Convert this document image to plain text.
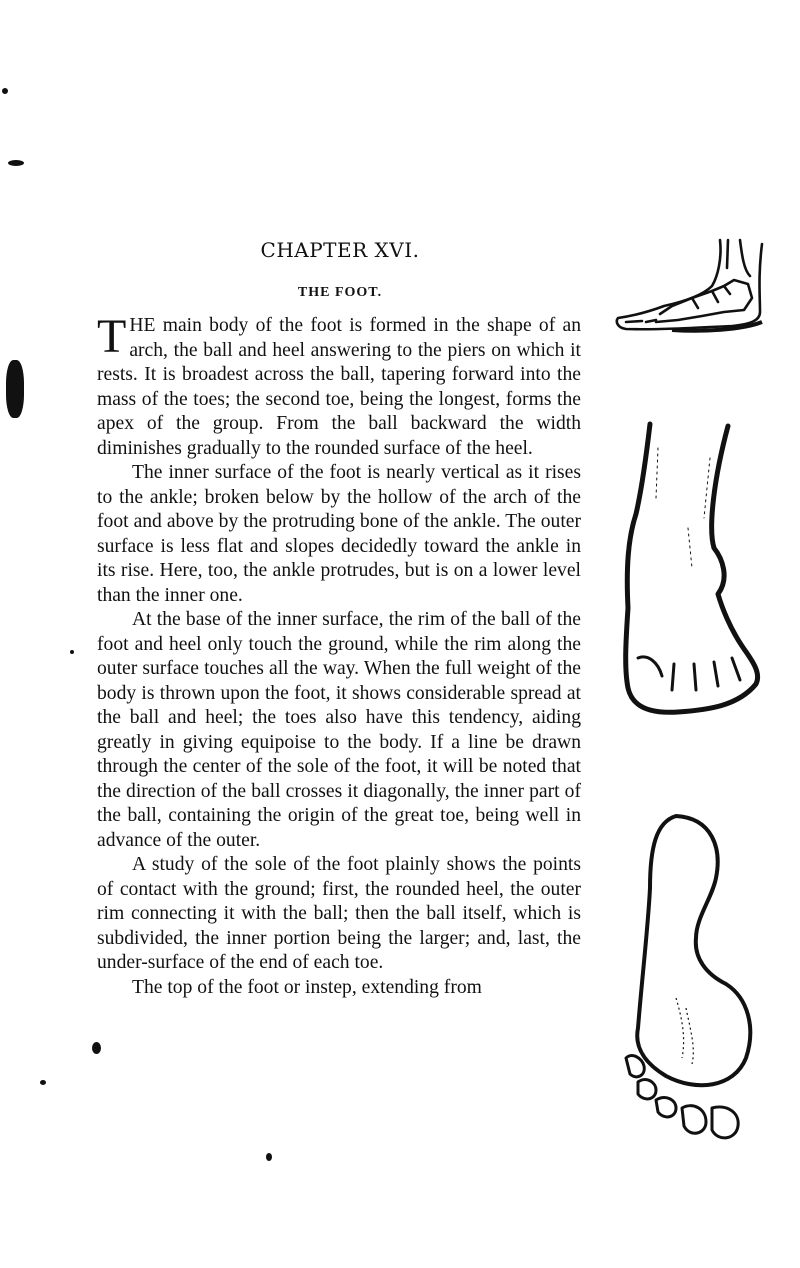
CHAPTER XVI.
THE FOOT.

THE main body of the foot is formed in the shape of an arch, the ball and heel answering to the piers on which it rests. It is broadest across the ball, tapering forward into the mass of the toes; the second toe, being the longest, forms the apex of the group. From the ball backward the width diminishes gradually to the rounded surface of the heel.

The inner surface of the foot is nearly vertical as it rises to the ankle; broken below by the hollow of the arch of the foot and above by the protruding bone of the ankle. The outer surface is less flat and slopes decidedly toward the ankle in its rise. Here, too, the ankle protrudes, but is on a lower level than the inner one.

At the base of the inner surface, the rim of the ball of the foot and heel only touch the ground, while the rim along the outer surface touches all the way. When the full weight of the body is thrown upon the foot, it shows considerable spread at the ball and heel; the toes also have this tendency, aiding greatly in giving equipoise to the body. If a line be drawn through the center of the sole of the foot, it will be noted that the direction of the ball crosses it diagonally, the inner part of the ball, containing the origin of the great toe, being well in advance of the outer.

A study of the sole of the foot plainly shows the points of contact with the ground; first, the rounded heel, the outer rim connecting it with the ball; then the ball itself, which is subdivided, the inner portion being the larger; and, last, the under-surface of the end of each toe.

The top of the foot or instep, extending from
